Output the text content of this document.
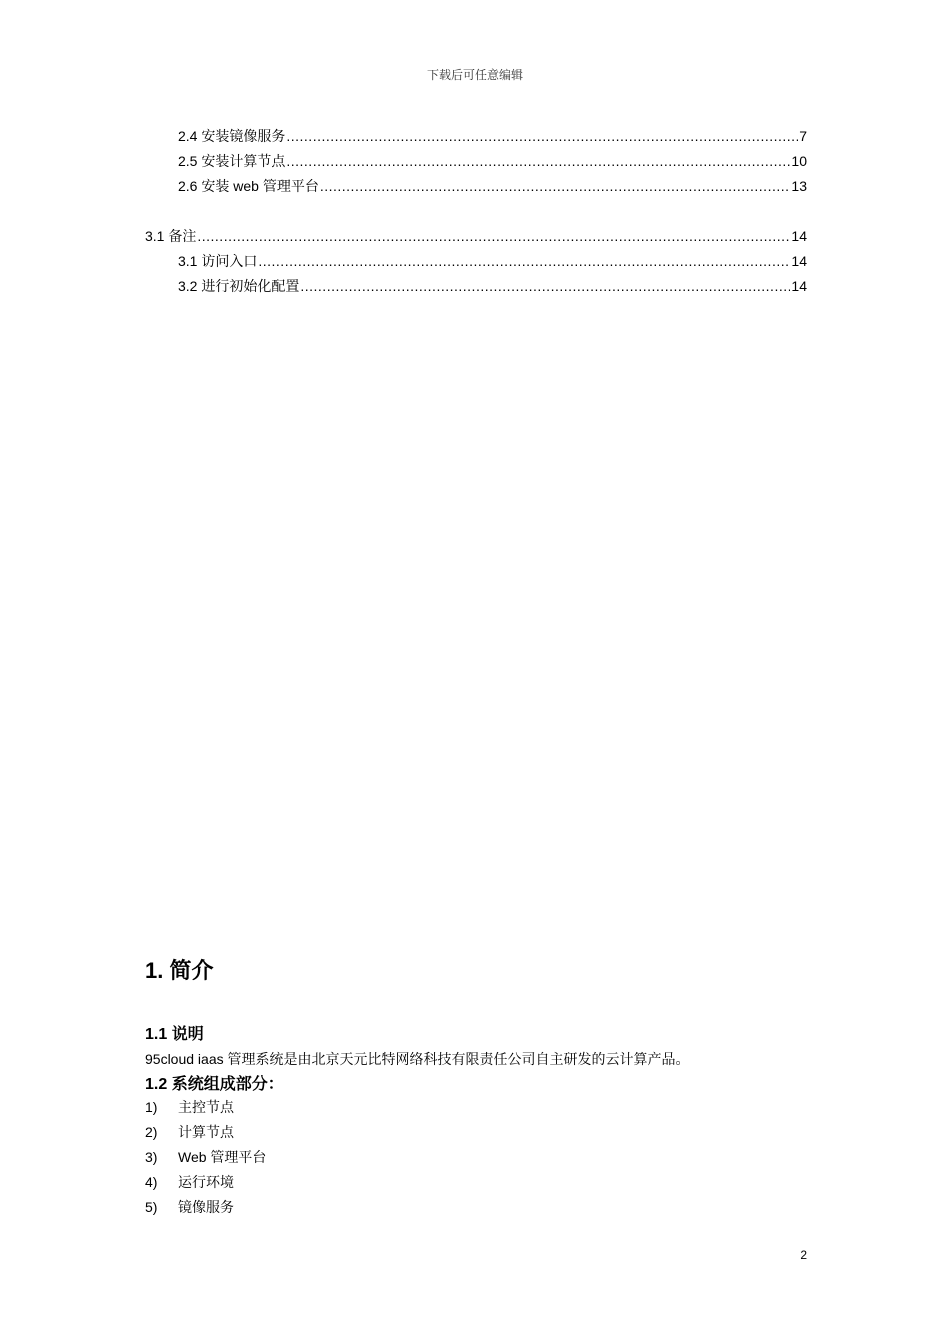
下载后可任意编辑
2.4 安装镜像服务 .....	7
2.5 安装计算节点 .....	10
2.6 安装 web 管理平台 .....	13
3.1 备注 .....	14
3.1 访问入口 .....	14
3.2 进行初始化配置 .....	14
1. 简介
1.1 说明
95cloud iaas 管理系统是由北京天元比特网络科技有限责任公司自主研发的云计算产品。
1.2 系统组成部分：
1)	主控节点
2)	计算节点
3)	Web 管理平台
4)	运行环境
5)	镜像服务
2
